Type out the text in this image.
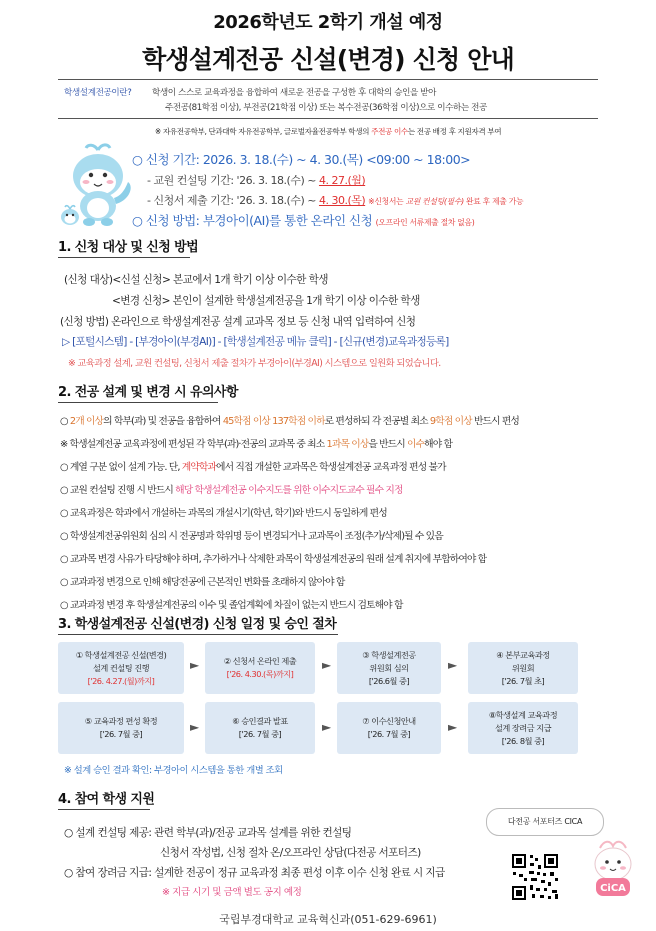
2026학년도 2학기 개설 예정
학생설계전공 신설(변경) 신청 안내
학생설계전공이란? 학생이 스스로 교육과정을 융합하여 새로운 전공을 구성한 후 대학의 승인을 받아
주전공(81학점 이상), 부전공(21학점 이상) 또는 복수전공(36학점 이상)으로 이수하는 전공
※ 자유전공학부, 단과대학 자유전공학부, 글로벌자율전공학부 학생의 주전공 이수는 전공 배정 후 지원자격 부여
○ 신청 기간: 2026. 3. 18.(수) ~ 4. 30.(목) <09:00 ~ 18:00>
- 교원 컨설팅 기간: '26. 3. 18.(수) ~ 4. 27.(월)
- 신청서 제출 기간: '26. 3. 18.(수) ~ 4. 30.(목) ※신청서는 교원 컨설팅(필수) 완료 후 제출 가능
○ 신청 방법: 부경아이(AI)를 통한 온라인 신청 (오프라인 서류제출 절차 없음)
1. 신청 대상 및 신청 방법
(신청 대상)<신설 신청> 본교에서 1개 학기 이상 이수한 학생
<변경 신청> 본인이 설계한 학생설계전공을 1개 학기 이상 이수한 학생
(신청 방법) 온라인으로 학생설계전공 설계 교과목 정보 등 신청 내역 입력하여 신청
▷ [포털시스템] - [부경아이(부경AI)] - [학생설계전공 메뉴 클릭] - [신규(변경)교육과정등록]
※ 교육과정 설계, 교원 컨설팅, 신청서 제출 절차가 부경아이(부경AI) 시스템으로 일원화 되었습니다.
2. 전공 설계 및 변경 시 유의사항
○ 2개 이상의 학부(과) 및 전공을 융합하여 45학점 이상 137학점 이하로 편성하되 각 전공별 최소 9학점 이상 반드시 편성
※ 학생설계전공 교육과정에 편성된 각 학부(과)·전공의 교과목 중 최소 1과목 이상을 반드시 이수해야 함
○ 계열 구분 없이 설계 가능. 단, 계약학과에서 직접 개설한 교과목은 학생설계전공 교육과정 편성 불가
○ 교원 컨설팅 진행 시 반드시 해당 학생설계전공 이수지도를 위한 이수지도교수 필수 지정
○ 교육과정은 학과에서 개설하는 과목의 개설시기(학년, 학기)와 반드시 동일하게 편성
○ 학생설계전공위원회 심의 시 전공명과 학위명 등이 변경되거나 교과목이 조정(추가/삭제)될 수 있음
○ 교과목 변경 사유가 타당해야 하며, 추가하거나 삭제한 과목이 학생설계전공의 원래 설계 취지에 부합하여야 함
○ 교과과정 변경으로 인해 해당전공에 근본적인 변화를 초래하지 않아야 함
○ 교과과정 변경 후 학생설계전공의 이수 및 졸업계획에 차질이 없는지 반드시 검토해야 함
3. 학생설계전공 신설(변경) 신청 일정 및 승인 절차
① 학생설계전공 신설(변경)
설계 컨설팅 진행
['26. 4.27.(월)까지]
►	② 신청서 온라인 제출
['26. 4.30.(목)까지]
►
③ 학생설계전공
위원회 심의
['26.6월 중]
►
④ 본부교육과정
위원회
['26. 7월 초]
⑤ 교육과정 편성 확정
['26. 7월 중]	►	⑥ 승인결과 발표
['26. 7월 중]	►	⑦ 이수신청안내
['26. 7월 중]	►
⑧학생설계 교육과정
설계 장려금 지급
['26. 8월 중]
※ 설계 승인 결과 확인: 부경아이 시스템을 통한 개별 조회
4. 참여 학생 지원
○ 설계 컨설팅 제공: 관련 학부(과)/전공 교과목 설계를 위한 컨설팅
신청서 작성법, 신청 절차 온/오프라인 상담(다전공 서포터즈)
○ 참여 장려금 지급: 설계한 전공이 정규 교육과정 최종 편성 이후 이수 신청 완료 시 지급
※ 지급 시기 및 금액 별도 공지 예정
다전공 서포터즈 CICA
CiCA
국립부경대학교 교육혁신과(051-629-6961)
